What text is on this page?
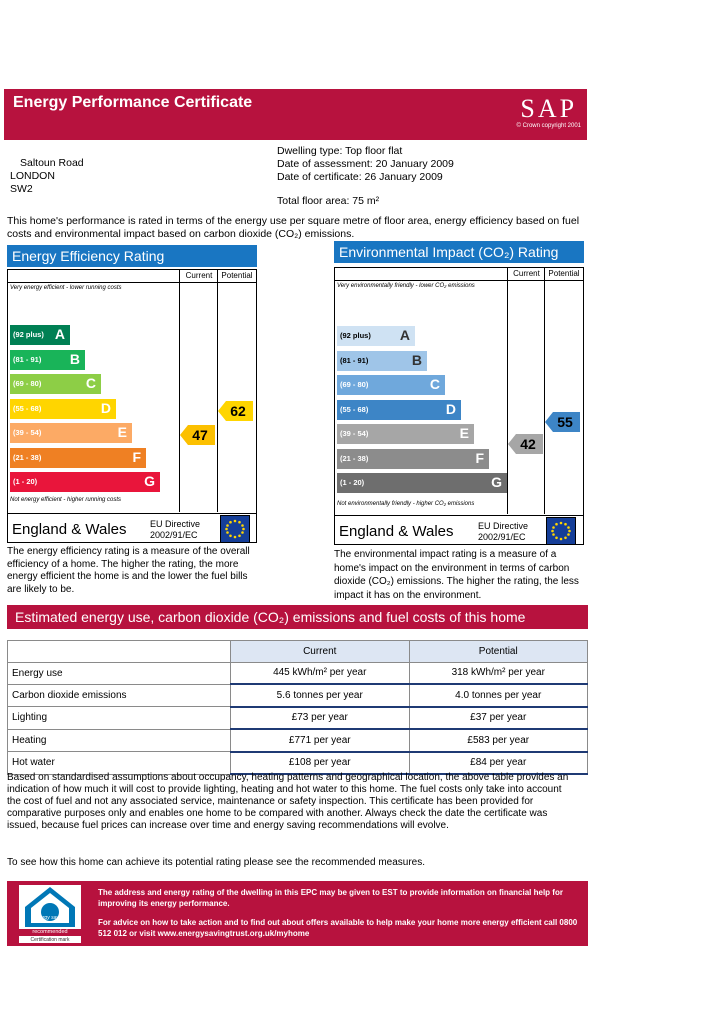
Energy Performance Certificate	SAP
© Crown copyright 2001
Saltoun Road
LONDON
SW2
Dwelling type: Top floor flat
Date of assessment: 20 January 2009
Date of certificate: 26 January 2009
Total floor area: 75 m²
This home's performance is rated in terms of the energy use per square metre of floor area, energy efficiency based on fuel costs and environmental impact based on carbon dioxide (CO₂) emissions.
Energy Efficiency Rating
Current	Potential
Very energy efficient - lower running costs
(92 plus) A
(81 - 91) B
(69 - 80)	C
(55 - 68)	D
(39 - 54)	E
(21 - 38)	F
(1 - 20)	G
47
62
Not energy efficient - higher running costs
England & Wales	EU Directive
2002/91/EC
The energy efficiency rating is a measure of the overall efficiency of a home. The higher the rating, the more energy efficient the home is and the lower the fuel bills are likely to be.
Environmental Impact (CO₂) Rating
Current	Potential
Very environmentally friendly - lower CO₂ emissions
(92 plus) A
(81 - 91)	B
(69 - 80)	C
(55 - 68)	D
(39 - 54)	E
(21 - 38)	F
(1 - 20)	G
42
55
Not environmentally friendly - higher CO₂ emissions
England & Wales	EU Directive
2002/91/EC
The environmental impact rating is a measure of a home's impact on the environment in terms of carbon dioxide (CO₂) emissions. The higher the rating, the less impact it has on the environment.
Estimated energy use, carbon dioxide (CO₂) emissions and fuel costs of this home
	Current	Potential
Energy use	445 kWh/m² per year	318 kWh/m² per year
Carbon dioxide emissions	5.6 tonnes per year	4.0 tonnes per year
Lighting	£73 per year	£37 per year
Heating	£771 per year	£583 per year
Hot water	£108 per year	£84 per year
Based on standardised assumptions about occupancy, heating patterns and geographical location, the above table provides an indication of how much it will cost to provide lighting, heating and hot water to this home. The fuel costs only take into account the cost of fuel and not any associated service, maintenance or safety inspection. This certificate has been provided for comparative purposes only and enables one home to be compared with another. Always check the date the certificate was issued, because fuel prices can increase over time and energy saving recommendations will evolve.
To see how this home can achieve its potential rating please see the recommended measures.
energy saving
recommended
Certification mark
The address and energy rating of the dwelling in this EPC may be given to EST to provide information on financial help for improving its energy performance.
For advice on how to take action and to find out about offers available to help make your home more energy efficient call 0800 512 012 or visit www.energysavingtrust.org.uk/myhome
